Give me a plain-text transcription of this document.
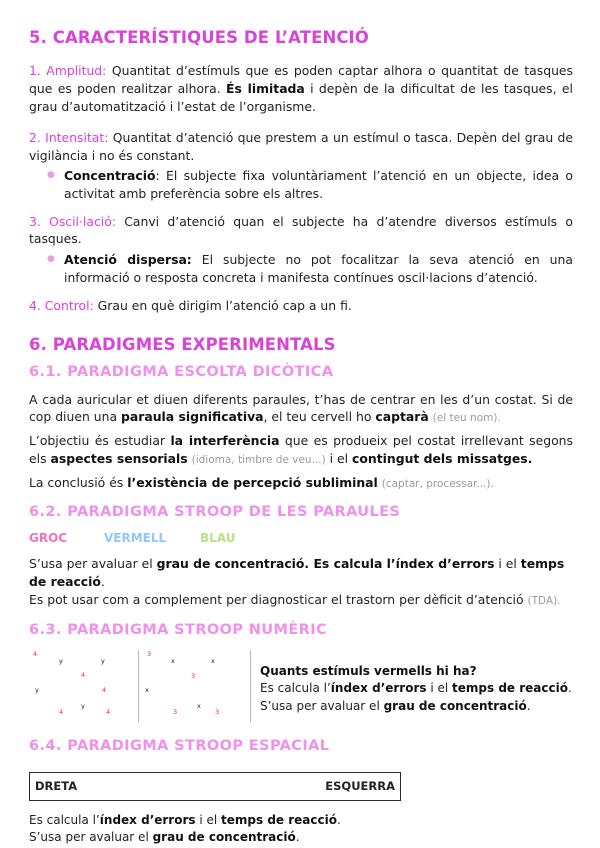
5. CARACTERÍSTIQUES DE L’ATENCIÓ

1. Amplitud: Quantitat d’estímuls que es poden captar alhora o quantitat de tasques que es poden realitzar alhora. És limitada i depèn de la dificultat de les tasques, el grau d’automatització i l’estat de l’organisme.

2. Intensitat: Quantitat d’atenció que prestem a un estímul o tasca. Depèn del grau de vigilància i no és constant.

● Concentració: El subjecte fixa voluntàriament l’atenció en un objecte, idea o activitat amb preferència sobre els altres.

3. Oscil·lació: Canvi d’atenció quan el subjecte ha d’atendre diversos estímuls o tasques.

● Atenció dispersa: El subjecte no pot focalitzar la seva atenció en una informació o resposta concreta i manifesta contínues oscil·lacions d’atenció.

4. Control: Grau en què dirigim l’atenció cap a un fi.

6. PARADIGMES EXPERIMENTALS
6.1. PARADIGMA ESCOLTA DICÒTICA

A cada auricular et diuen diferents paraules, t’has de centrar en les d’un costat. Si de cop diuen una paraula significativa, el teu cervell ho captarà (el teu nom).

L’objectiu és estudiar la interferència que es produeix pel costat irrellevant segons els aspectes sensorials (idioma, timbre de veu...) i el contingut dels missatges.

La conclusió és l’existència de percepció subliminal (captar, processar...).

6.2. PARADIGMA STROOP DE LES PARAULES
GROC	VERMELL	BLAU

S’usa per avaluar el grau de concentració. Es calcula l’índex d’errors i el temps de reacció.

Es pot usar com a complement per diagnosticar el trastorn per dèficit d’atenció (TDA).

6.3. PARADIGMA STROOP NUMÈRIC
4
y	y
4
y	4
y
4	4
3
x	x
3
x
x
3	3
Quants estímuls vermells hi ha?
Es calcula l’índex d’errors i el temps de reacció.
S’usa per avaluar el grau de concentració.
6.4. PARADIGMA STROOP ESPACIAL
DRETA	ESQUERRA
Es calcula l’índex d’errors i el temps de reacció.
S’usa per avaluar el grau de concentració.
